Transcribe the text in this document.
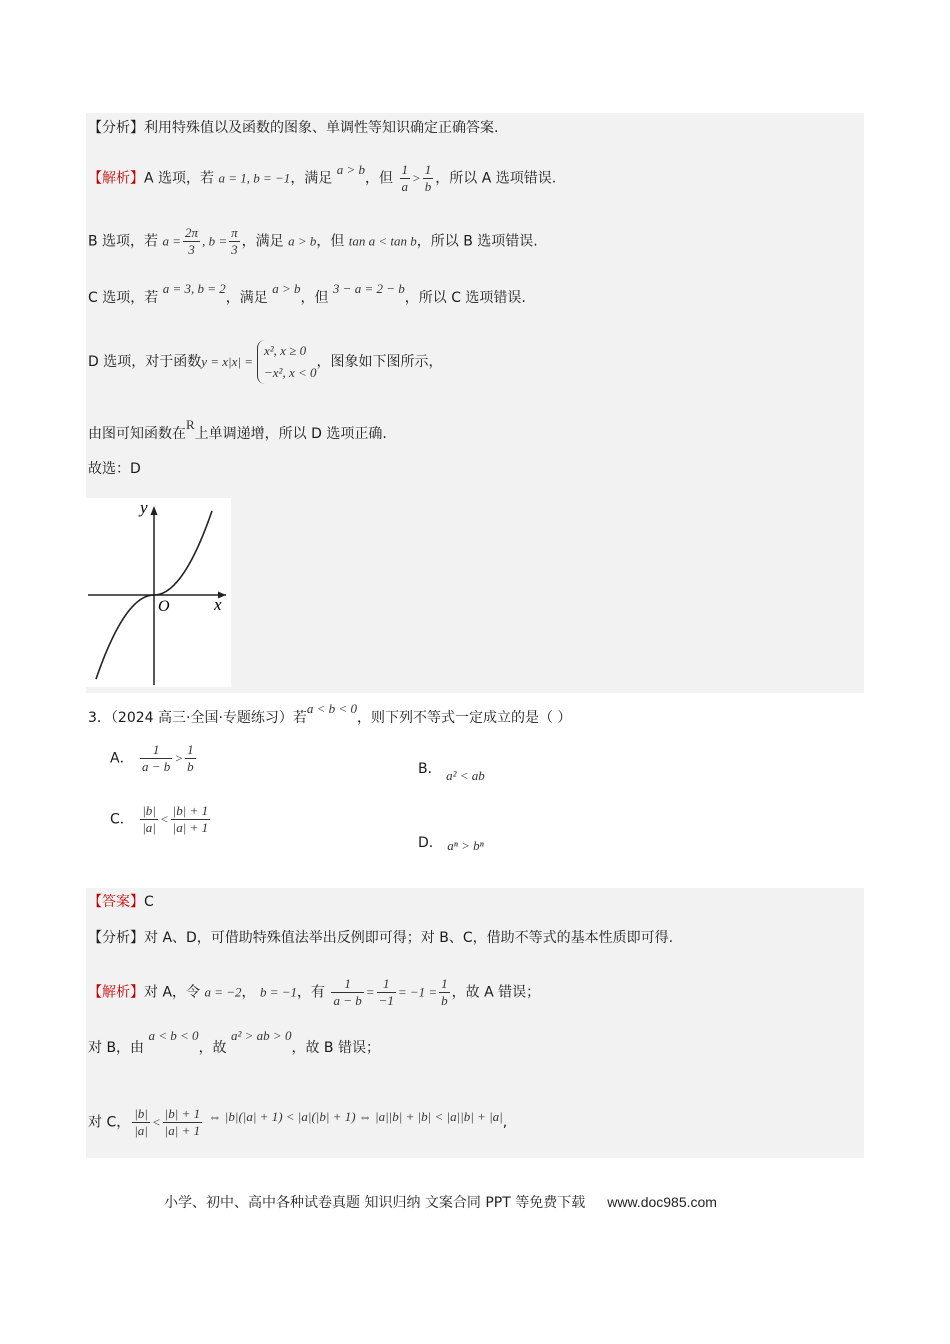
【分析】利用特殊值以及函数的图象、单调性等知识确定正确答案.
【解析】A 选项，若 a = 1, b = −1，满足 a > b，但 $\frac{1}{a} > \frac{1}{b}$ ，所以 A 选项错误.
B 选项，若 $a = \frac{2\pi}{3}$ , $b = \frac{\pi}{3}$ ，满足 a > b，但 tan a < tan b，所以 B 选项错误.
C 选项，若 a = 3, b = 2，满足 a > b，但 3 − a = 2 − b，所以 C 选项错误.
D 选项，对于函数y = x|x| =
x², x ≥ 0
−x², x < 0
，图象如下图所示，
由图可知函数在R上单调递增，所以 D 选项正确.
故选：D
y
x
O
3．（2024 高三·全国·专题练习）若a < b < 0，则下列不等式一定成立的是（ ）
A． $\frac{1}{a - b} > \frac{1}{b}$	B． a² < ab
C． $\frac{|b|}{|a|} < \frac{|b| + 1}{|a| + 1}$
D． aⁿ > bⁿ
【答案】C
【分析】对 A、D，可借助特殊值法举出反例即可得；对 B、C，借助不等式的基本性质即可得.
【解析】对 A，令 a = −2， b = −1，有 $\frac{1}{a - b} = \frac{1}{-1} = -1 = \frac{1}{b}$ ，故 A 错误；
对 B，由 a < b < 0，故 a² > ab > 0，故 B 错误；
对 C， $\frac{|b|}{|a|} < \frac{|b| + 1}{|a| + 1}$ ⇔ |b|(|a| + 1) < |a|(|b| + 1) ⇔ |a||b| + |b| < |a||b| + |a|,
小学、初中、高中各种试卷真题 知识归纳 文案合同 PPT 等免费下载 www.doc985.com
